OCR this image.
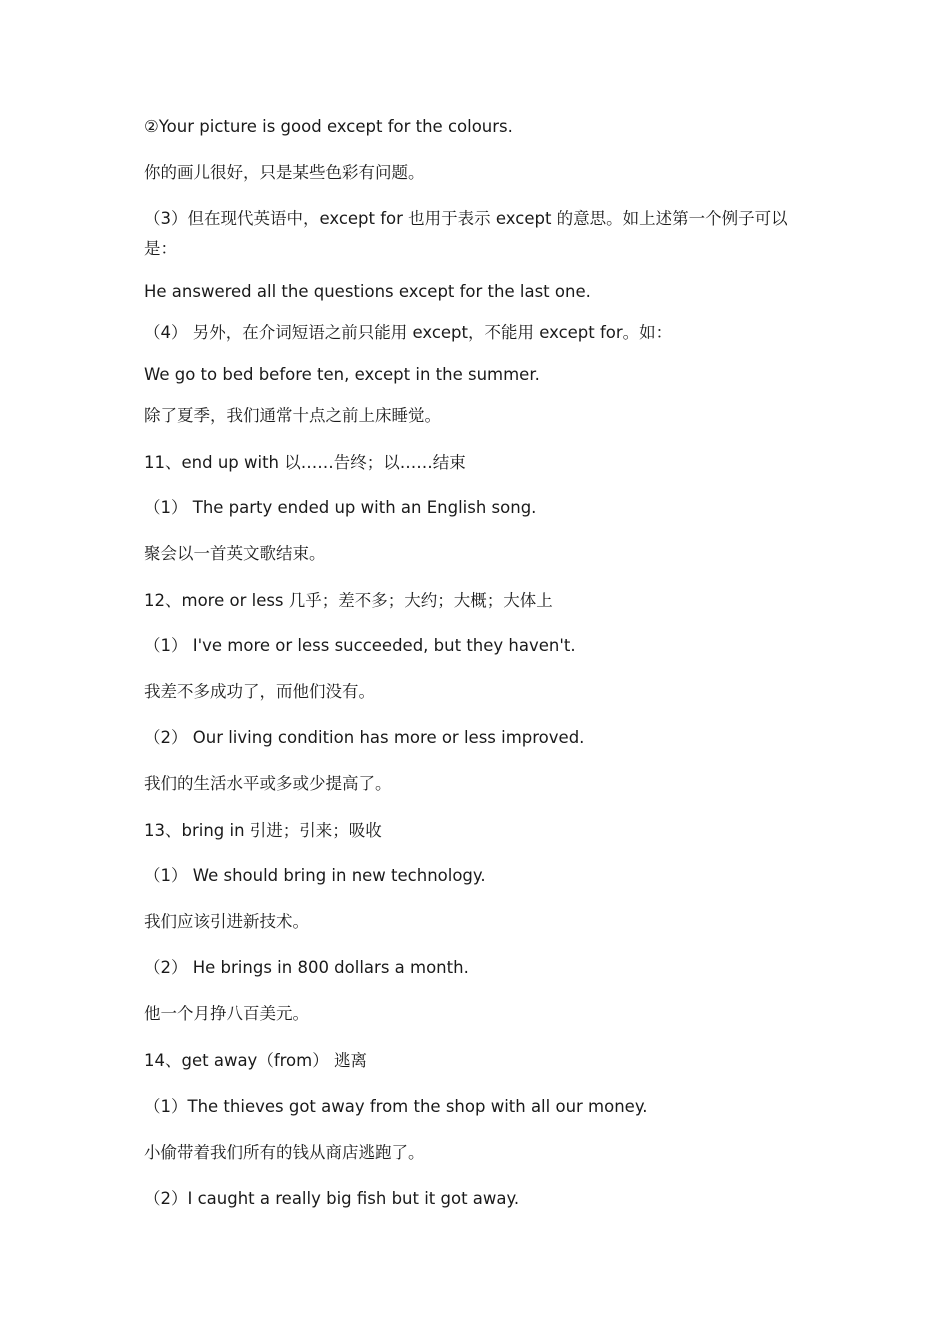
②Your picture is good except for the colours.
你的画儿很好，只是某些色彩有问题。
（3）但在现代英语中，except for 也用于表示 except 的意思。如上述第一个例子可以是：
He answered all the questions except for the last one.
（4） 另外，在介词短语之前只能用 except，不能用 except for。如：
We go to bed before ten, except in the summer.
除了夏季，我们通常十点之前上床睡觉。
11、end up with 以……告终；以……结束
（1） The party ended up with an English song.
聚会以一首英文歌结束。
12、more or less 几乎；差不多；大约；大概；大体上
（1） I've more or less succeeded, but they haven't.
我差不多成功了，而他们没有。
（2） Our living condition has more or less improved.
我们的生活水平或多或少提高了。
13、bring in 引进；引来；吸收
（1） We should bring in new technology.
我们应该引进新技术。
（2） He brings in 800 dollars a month.
他一个月挣八百美元。
14、get away（from） 逃离
（1）The thieves got away from the shop with all our money.
小偷带着我们所有的钱从商店逃跑了。
（2）I caught a really big fish but it got away.
